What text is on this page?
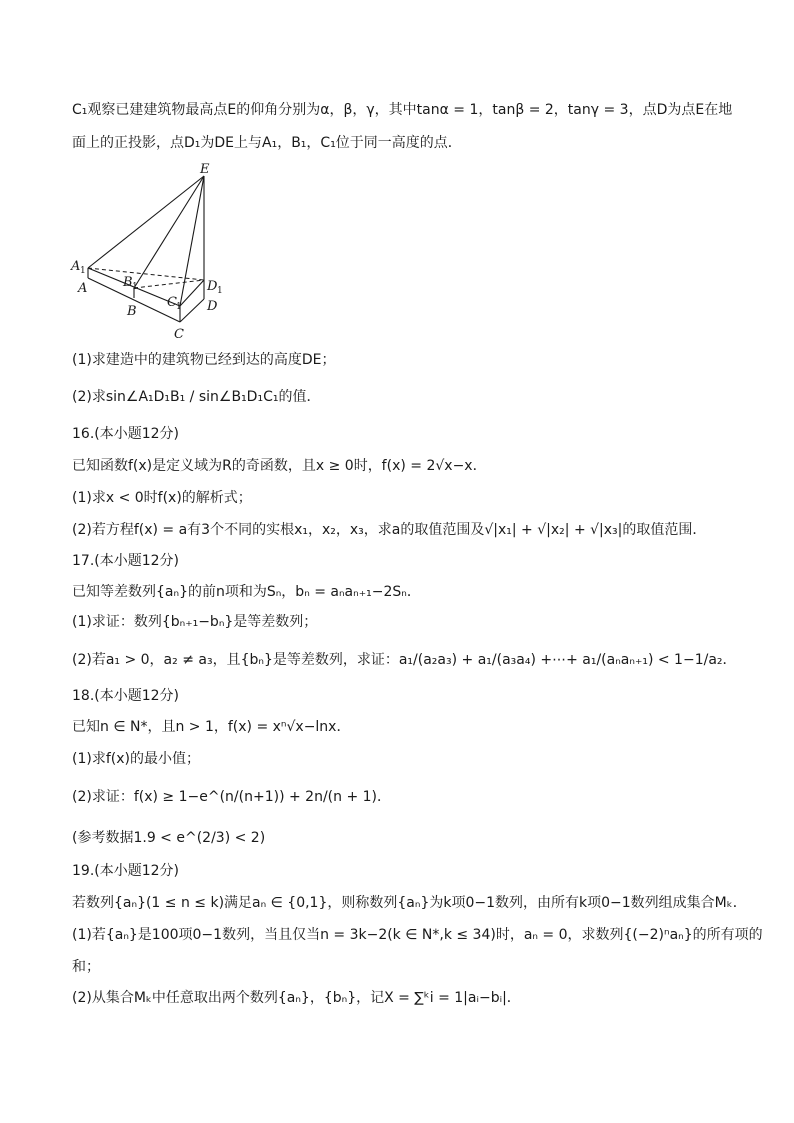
C₁观察已建建筑物最高点E的仰角分别为α，β，γ，其中tanα = 1，tanβ = 2，tanγ = 3，点D为点E在地
面上的正投影，点D₁为DE上与A₁，B₁，C₁位于同一高度的点．
E
A 1
A	B 1
B
C 1
C
D 1
D
(1)求建造中的建筑物已经到达的高度DE；
(2)求sin∠A₁D₁B₁ / sin∠B₁D₁C₁的值．
16.(本小题12分)
已知函数f(x)是定义域为R的奇函数，且x ≥ 0时，f(x) = 2√x−x．
(1)求x < 0时f(x)的解析式；
(2)若方程f(x) = a有3个不同的实根x₁，x₂，x₃，求a的取值范围及√|x₁| + √|x₂| + √|x₃|的取值范围．
17.(本小题12分)
已知等差数列{aₙ}的前n项和为Sₙ，bₙ = aₙaₙ₊₁−2Sₙ．
(1)求证：数列{bₙ₊₁−bₙ}是等差数列；
(2)若a₁ > 0，a₂ ≠ a₃，且{bₙ}是等差数列，求证：a₁/(a₂a₃) + a₁/(a₃a₄) +⋯+ a₁/(aₙaₙ₊₁) < 1−1/a₂．
18.(本小题12分)
已知n ∈ N*，且n > 1，f(x) = xⁿ√x−lnx．
(1)求f(x)的最小值；
(2)求证：f(x) ≥ 1−e^(n/(n+1)) + 2n/(n + 1)．
(参考数据1.9 < e^(2/3) < 2)
19.(本小题12分)
若数列{aₙ}(1 ≤ n ≤ k)满足aₙ ∈ {0,1}，则称数列{aₙ}为k项0−1数列，由所有k项0−1数列组成集合Mₖ．
(1)若{aₙ}是100项0−1数列，当且仅当n = 3k−2(k ∈ N*,k ≤ 34)时，aₙ = 0，求数列{(−2)ⁿaₙ}的所有项的
和；
(2)从集合Mₖ中任意取出两个数列{aₙ}，{bₙ}，记X = ∑ᵏi = 1|aᵢ−bᵢ|．
